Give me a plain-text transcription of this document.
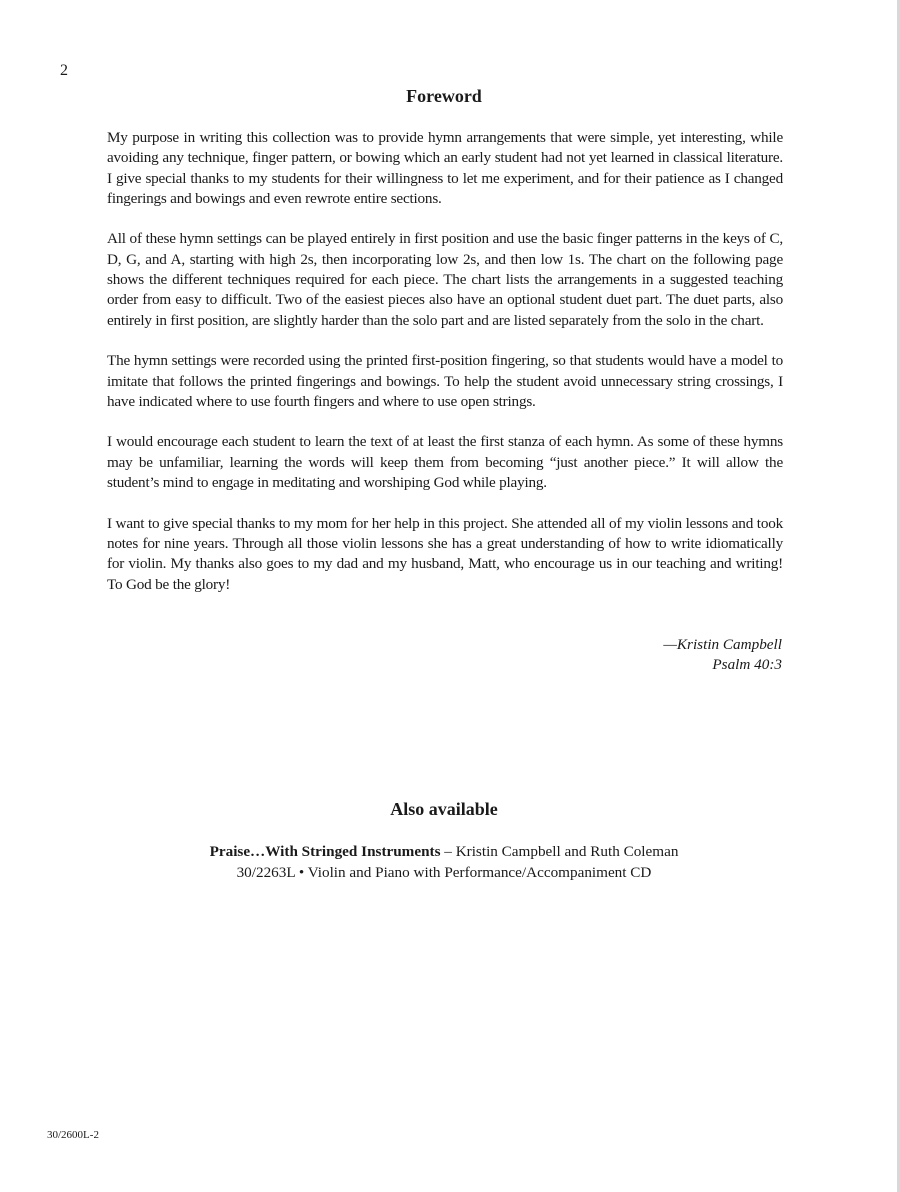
2
Foreword

My purpose in writing this collection was to provide hymn arrangements that were simple, yet interesting, while avoiding any technique, finger pattern, or bowing which an early student had not yet learned in classical literature. I give special thanks to my students for their willingness to let me experiment, and for their patience as I changed fingerings and bowings and even rewrote entire sections.

All of these hymn settings can be played entirely in first position and use the basic finger patterns in the keys of C, D, G, and A, starting with high 2s, then incorporating low 2s, and then low 1s. The chart on the following page shows the different techniques required for each piece. The chart lists the arrangements in a suggested teaching order from easy to difficult. Two of the easiest pieces also have an optional student duet part. The duet parts, also entirely in first position, are slightly harder than the solo part and are listed separately from the solo in the chart.

The hymn settings were recorded using the printed first-position fingering, so that students would have a model to imitate that follows the printed fingerings and bowings. To help the student avoid unnecessary string crossings, I have indicated where to use fourth fingers and where to use open strings.

I would encourage each student to learn the text of at least the first stanza of each hymn. As some of these hymns may be unfamiliar, learning the words will keep them from becoming “just another piece.” It will allow the student’s mind to engage in meditating and worshiping God while playing.

I want to give special thanks to my mom for her help in this project. She attended all of my violin lessons and took notes for nine years. Through all those violin lessons she has a great understanding of how to write idiomatically for violin. My thanks also goes to my dad and my husband, Matt, who encourage us in our teaching and writing! To God be the glory!

—Kristin Campbell
Psalm 40:3
Also available
Praise…With Stringed Instruments – Kristin Campbell and Ruth Coleman
30/2263L • Violin and Piano with Performance/Accompaniment CD
30/2600L-2
